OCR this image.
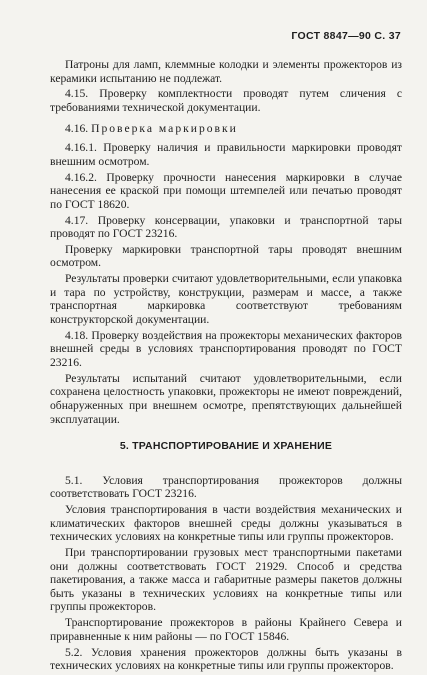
ГОСТ 8847—90 С. 37

Патроны для ламп, клеммные колодки и элементы прожекторов из керамики испытанию не подлежат.

4.15. Проверку комплектности проводят путем сличения с требованиями технической документации.

4.16. Проверка маркировки

4.16.1. Проверку наличия и правильности маркировки проводят внешним осмотром.

4.16.2. Проверку прочности нанесения маркировки в случае нанесения ее краской при помощи штемпелей или печатью проводят по ГОСТ 18620.

4.17. Проверку консервации, упаковки и транспортной тары проводят по ГОСТ 23216.

Проверку маркировки транспортной тары проводят внешним осмотром.

Результаты проверки считают удовлетворительными, если упаковка и тара по устройству, конструкции, размерам и массе, а также транспортная маркировка соответствуют требованиям конструкторской документации.

4.18. Проверку воздействия на прожекторы механических факторов внешней среды в условиях транспортирования проводят по ГОСТ 23216.

Результаты испытаний считают удовлетворительными, если сохранена целостность упаковки, прожекторы не имеют повреждений, обнаруженных при внешнем осмотре, препятствующих дальнейшей эксплуатации.

5. ТРАНСПОРТИРОВАНИЕ И ХРАНЕНИЕ

5.1. Условия транспортирования прожекторов должны соответствовать ГОСТ 23216.

Условия транспортирования в части воздействия механических и климатических факторов внешней среды должны указываться в технических условиях на конкретные типы или группы прожекторов.

При транспортировании грузовых мест транспортными пакетами они должны соответствовать ГОСТ 21929. Способ и средства пакетирования, а также масса и габаритные размеры пакетов должны быть указаны в технических условиях на конкретные типы или группы прожекторов.

Транспортирование прожекторов в районы Крайнего Севера и приравненные к ним районы — по ГОСТ 15846.

5.2. Условия хранения прожекторов должны быть указаны в технических условиях на конкретные типы или группы прожекторов.
